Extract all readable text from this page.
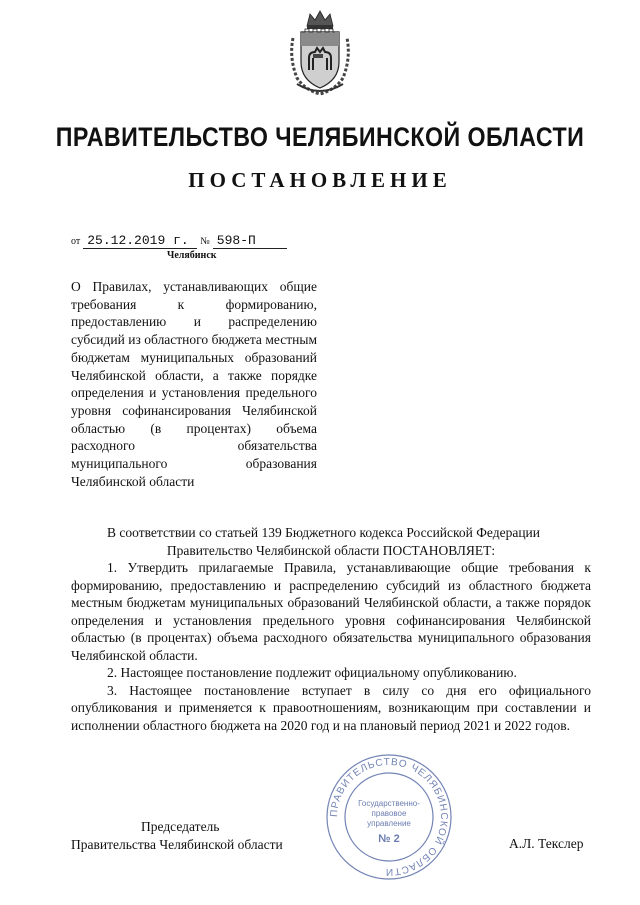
ПРАВИТЕЛЬСТВО ЧЕЛЯБИНСКОЙ ОБЛАСТИ
ПОСТАНОВЛЕНИЕ
от 25.12.2019 г. № 598-П
Челябинск
О Правилах, устанавливающих общие требования к формированию, предоставлению и распределению субсидий из областного бюджета местным бюджетам муниципальных образований Челябинской области, а также порядке определения и установления предельного уровня софинансирования Челябинской областью (в процентах) объема расходного обязательства муниципального образования Челябинской области

В соответствии со статьей 139 Бюджетного кодекса Российской Федерации

Правительство Челябинской области ПОСТАНОВЛЯЕТ:

1. Утвердить прилагаемые Правила, устанавливающие общие требования к формированию, предоставлению и распределению субсидий из областного бюджета местным бюджетам муниципальных образований Челябинской области, а также порядок определения и установления предельного уровня софинансирования Челябинской областью (в процентах) объема расходного обязательства муниципального образования Челябинской области.

2. Настоящее постановление подлежит официальному опубликованию.

3. Настоящее постановление вступает в силу со дня его официального опубликования и применяется к правоотношениям, возникающим при составлении и исполнении областного бюджета на 2020 год и на плановый период 2021 и 2022 годов.

Председатель
Правительства Челябинской области	А.Л. Текслер
ПРАВИТЕЛЬСТВО ЧЕЛЯБИНСКОЙ ОБЛАСТИ
Государственно-
правовое
управление
№ 2
